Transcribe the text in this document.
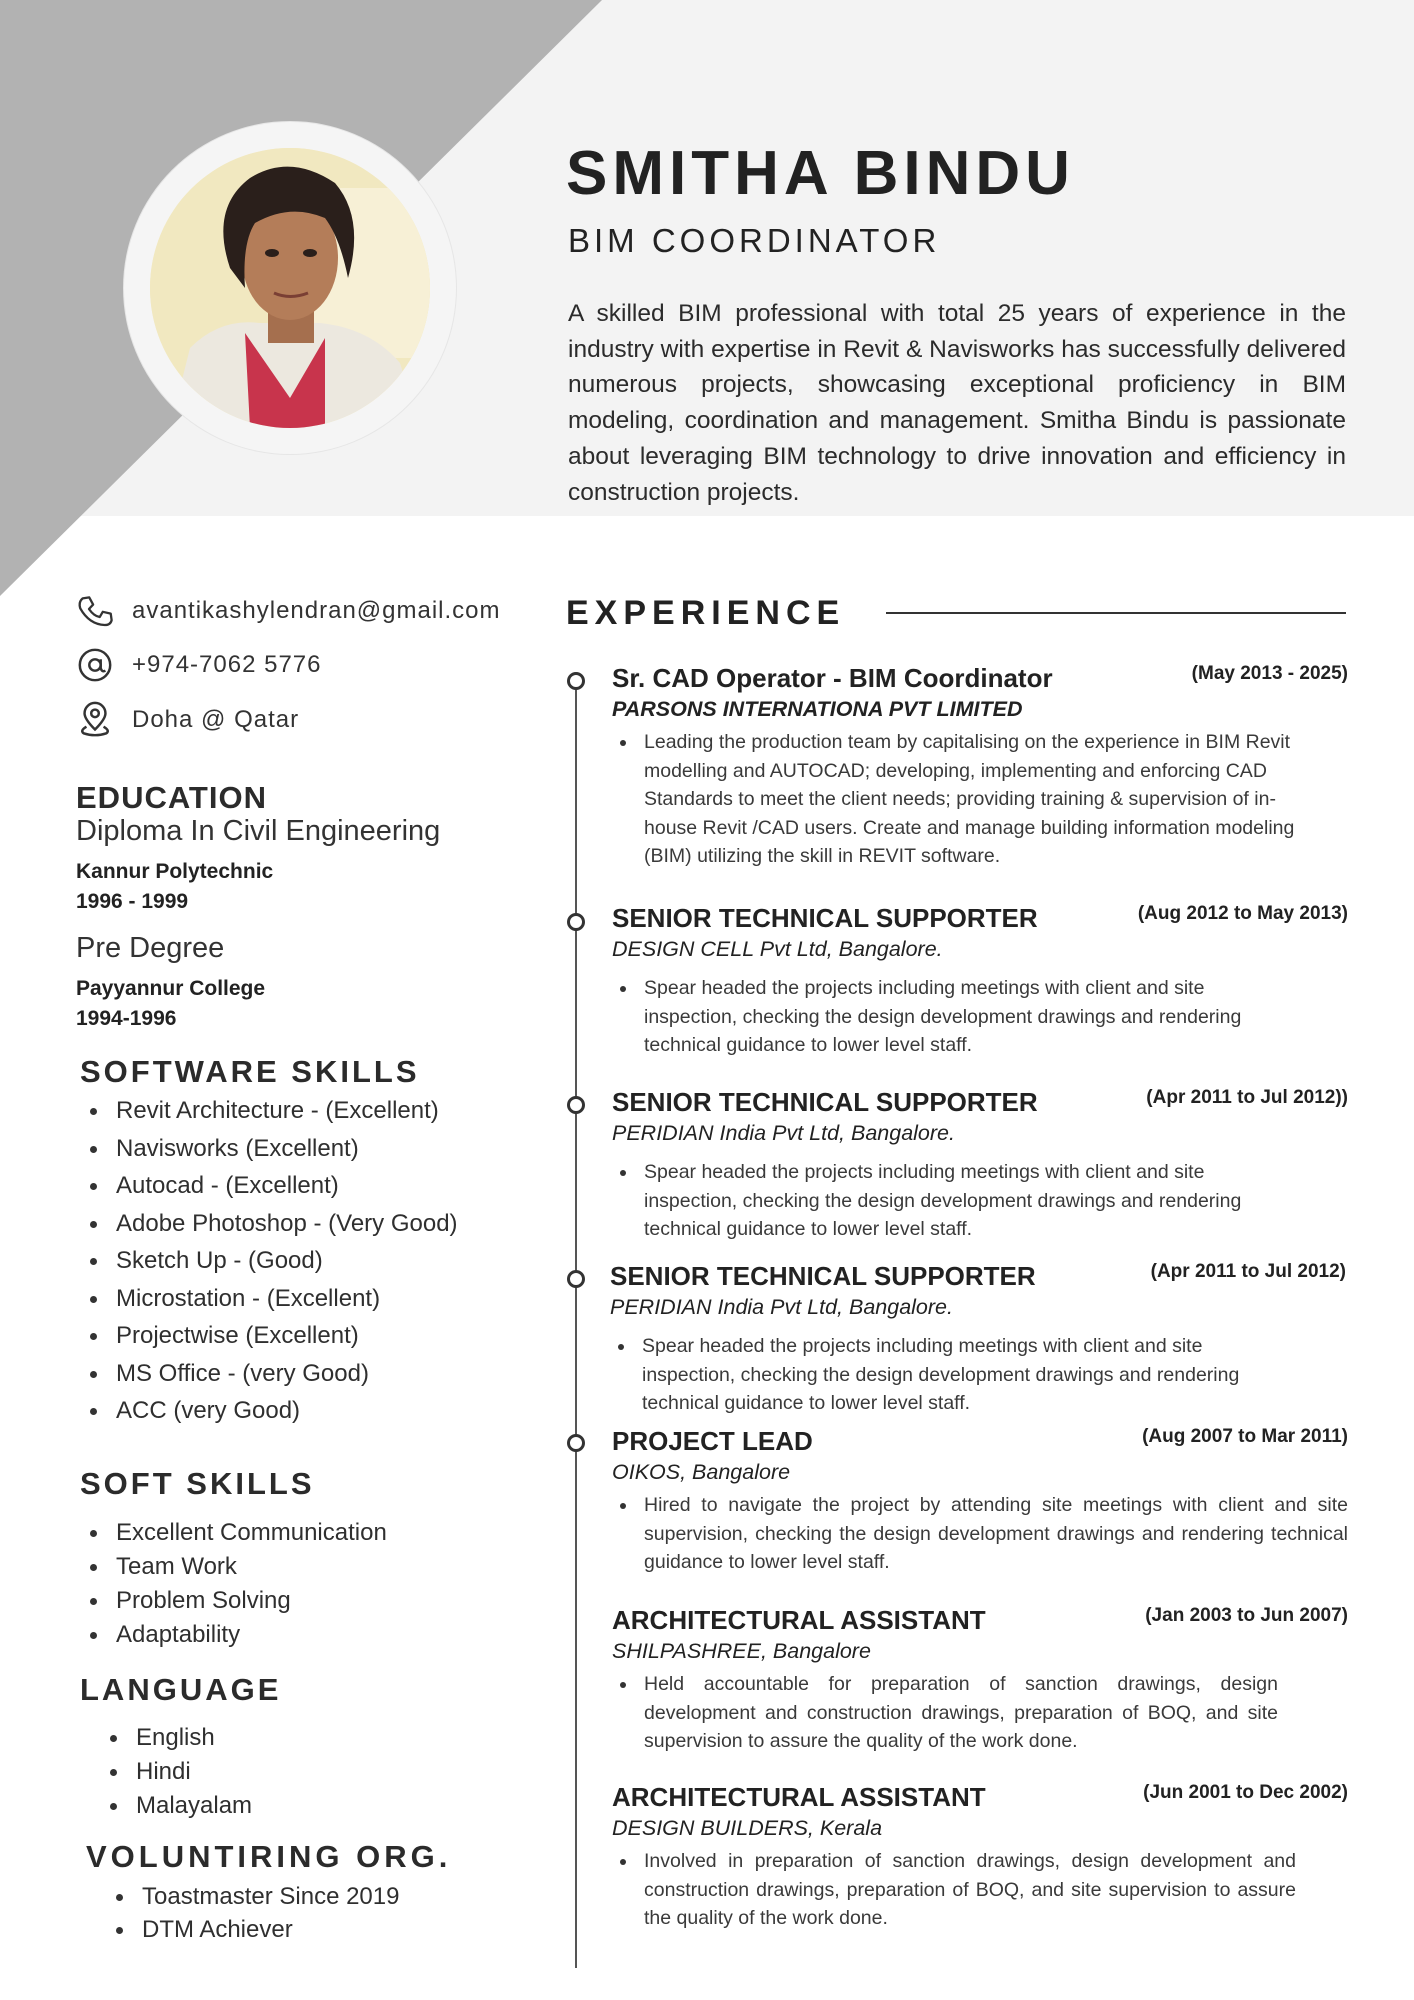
SMITHA BINDU
BIM COORDINATOR
A skilled BIM professional with total 25 years of experience in the industry with expertise in Revit & Navisworks has successfully delivered numerous projects, showcasing exceptional proficiency in BIM modeling, coordination and management. Smitha Bindu is passionate about leveraging BIM technology to drive innovation and efficiency in construction projects.
avantikashylendran@gmail.com
+974-7062 5776
Doha @ Qatar
EDUCATION
Diploma In Civil Engineering
Kannur Polytechnic
1996 - 1999
Pre Degree
Payyannur College
1994-1996
SOFTWARE SKILLS
Revit Architecture - (Excellent)
Navisworks (Excellent)
Autocad - (Excellent)
Adobe Photoshop - (Very Good)
Sketch Up - (Good)
Microstation - (Excellent)
Projectwise (Excellent)
MS Office - (very Good)
ACC (very Good)
SOFT SKILLS
Excellent Communication
Team Work
Problem Solving
Adaptability
LANGUAGE
English
Hindi
Malayalam
VOLUNTIRING ORG.
Toastmaster Since 2019
DTM Achiever
EXPERIENCE
Sr. CAD Operator - BIM Coordinator	(May 2013 - 2025)
PARSONS INTERNATIONA PVT LIMITED
Leading the production team by capitalising on the experience in BIM Revit modelling and AUTOCAD; developing, implementing and enforcing CAD Standards to meet the client needs; providing training & supervision of in-house Revit /CAD users. Create and manage building information modeling (BIM) utilizing the skill in REVIT software.
SENIOR TECHNICAL SUPPORTER	(Aug 2012 to May 2013)
DESIGN CELL Pvt Ltd, Bangalore.
Spear headed the projects including meetings with client and site inspection, checking the design development drawings and rendering technical guidance to lower level staff.
SENIOR TECHNICAL SUPPORTER	(Apr 2011 to Jul 2012))
PERIDIAN India Pvt Ltd, Bangalore.
Spear headed the projects including meetings with client and site inspection, checking the design development drawings and rendering technical guidance to lower level staff.
SENIOR TECHNICAL SUPPORTER	(Apr 2011 to Jul 2012)
PERIDIAN India Pvt Ltd, Bangalore.
Spear headed the projects including meetings with client and site inspection, checking the design development drawings and rendering technical guidance to lower level staff.
PROJECT LEAD	(Aug 2007 to Mar 2011)
OIKOS, Bangalore
Hired to navigate the project by attending site meetings with client and site supervision, checking the design development drawings and rendering technical guidance to lower level staff.
ARCHITECTURAL ASSISTANT	(Jan 2003 to Jun 2007)
SHILPASHREE, Bangalore
Held accountable for preparation of sanction drawings, design development and construction drawings, preparation of BOQ, and site supervision to assure the quality of the work done.
ARCHITECTURAL ASSISTANT	(Jun 2001 to Dec 2002)
DESIGN BUILDERS, Kerala
Involved in preparation of sanction drawings, design development and construction drawings, preparation of BOQ, and site supervision to assure the quality of the work done.
